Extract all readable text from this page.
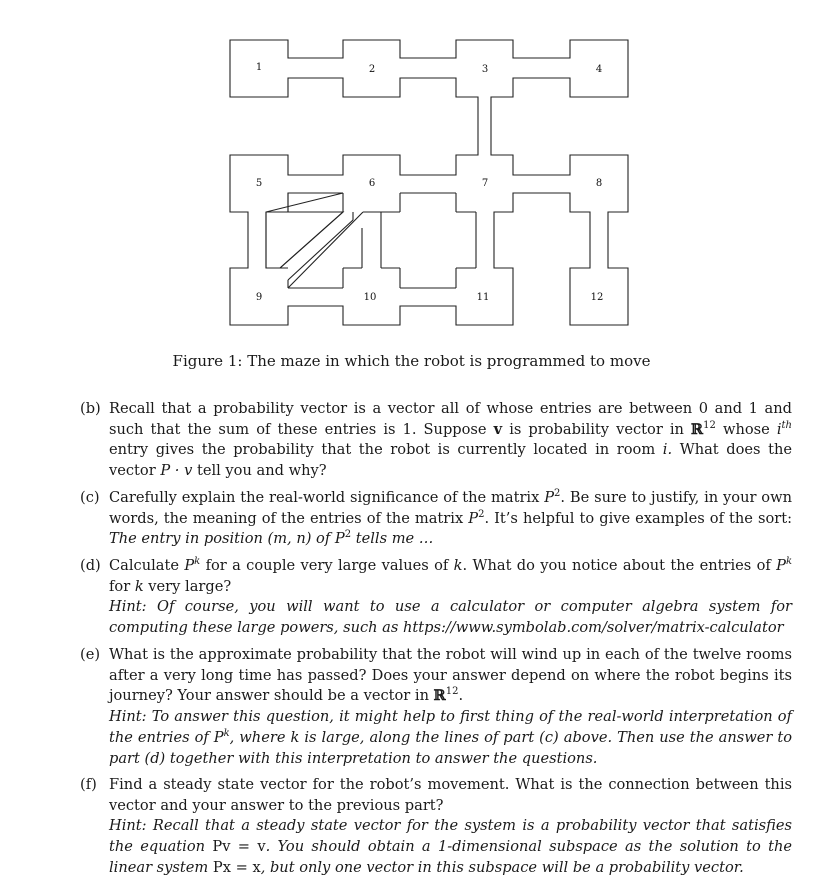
1	2	3	4
5	6	7	8
9	10	11	12
Figure 1: The maze in which the robot is programmed to move
(b) Recall that a probability vector is a vector all of whose entries are between 0 and 1 and such that the sum of these entries is 1. Suppose v is probability vector in ℝ$^{12}$ whose $i^{th}$ entry gives the probability that the robot is currently located in room i. What does the vector P · v tell you and why?
(c) Carefully explain the real-world significance of the matrix $P^2$. Be sure to justify, in your own words, the meaning of the entries of the matrix $P^2$. It’s helpful to give examples of the sort: The entry in position (m, n) of $P^2$ tells me …
(d) Calculate $P^k$ for a couple very large values of k. What do you notice about the entries of $P^k$ for k very large?
Hint: Of course, you will want to use a calculator or computer algebra system for computing these large powers, such as https://www.symbolab.com/solver/matrix-calculator
(e) What is the approximate probability that the robot will wind up in each of the twelve rooms after a very long time has passed? Does your answer depend on where the robot begins its journey? Your answer should be a vector in ℝ$^{12}$.
Hint: To answer this question, it might help to first thing of the real-world interpretation of the entries of $P^k$, where k is large, along the lines of part (c) above. Then use the answer to part (d) together with this interpretation to answer the questions.
(f) Find a steady state vector for the robot’s movement. What is the connection between this vector and your answer to the previous part?
Hint: Recall that a steady state vector for the system is a probability vector that satisfies the equation Pv = v. You should obtain a 1-dimensional subspace as the solution to the linear system Px = x, but only one vector in this subspace will be a probability vector.
